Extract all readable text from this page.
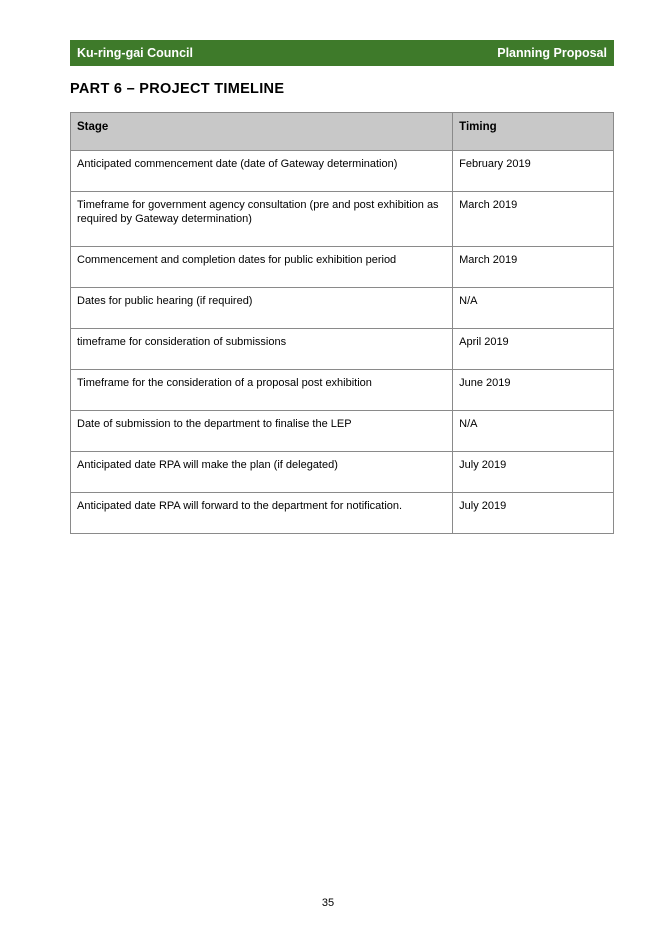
Ku-ring-gai Council	Planning Proposal
PART 6 – PROJECT TIMELINE
Stage	Timing
Anticipated commencement date (date of Gateway determination)	February 2019
Timeframe for government agency consultation (pre and post exhibition as required by Gateway determination)	March 2019
Commencement and completion dates for public exhibition period	March 2019
Dates for public hearing (if required)	N/A
timeframe for consideration of submissions	April 2019
Timeframe for the consideration of a proposal post exhibition	June 2019
Date of submission to the department to finalise the LEP	N/A
Anticipated date RPA will make the plan (if delegated)	July 2019
Anticipated date RPA will forward to the department for notification.	July 2019
35
